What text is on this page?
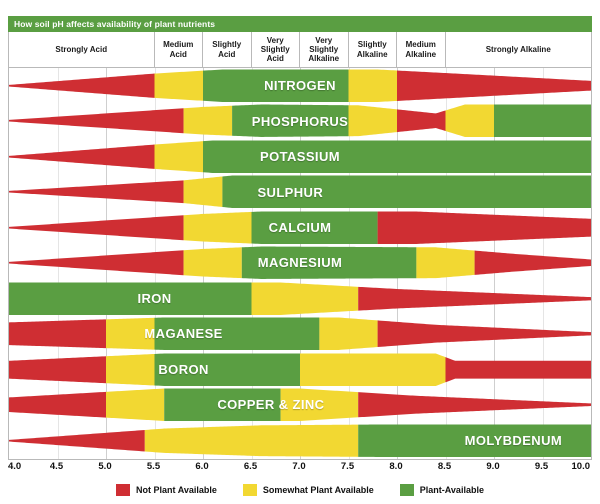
How soil pH affects availability of plant nutrients
Strongly Acid
Medium
Acid
Slightly
Acid
Very
Slightly
Acid
Very
Slightly
Alkaline
Slightly
Alkaline
Medium
Alkaline
Strongly Alkaline
NITROGEN
PHOSPHORUS
POTASSIUM
SULPHUR
CALCIUM
MAGNESIUM
IRON
MAGANESE
BORON
COPPER & ZINC
MOLYBDENUM
4.0	4.5	5.0	5.5	6.0	6.5	7.0	7.5	8.0	8.5	9.0	9.5 10.0
Not Plant Available	Somewhat Plant Available	Plant-Available
